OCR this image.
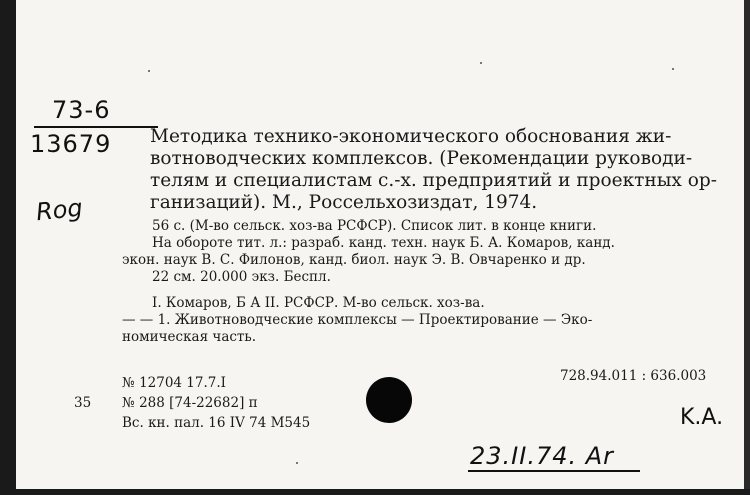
73-6
13679
Rog

Методика технико-экономического обоснования жи-

вотноводческих комплексов. (Рекомендации руководи-

телям и специалистам с.-х. предприятий и проектных ор-

ганизаций). М., Россельхозиздат, 1974.

56 с. (М-во сельск. хоз-ва РСФСР). Список лит. в конце книги.

На обороте тит. л.: разраб. канд. техн. наук Б. А. Комаров, канд.

экон. наук В. С. Филонов, канд. биол. наук Э. В. Овчаренко и др.

22 см. 20.000 экз. Беспл.

I. Комаров, Б А II. РСФСР. М-во сельск. хоз-ва.

— — 1. Животноводческие комплексы — Проектирование — Эко-

номическая часть.

№ 12704 17.7.I
35 № 288 [74-22682] п
Вс. кн. пал. 16 IV 74 M545
728.94.011 : 636.003
K.A.
23.II.74. Ar
